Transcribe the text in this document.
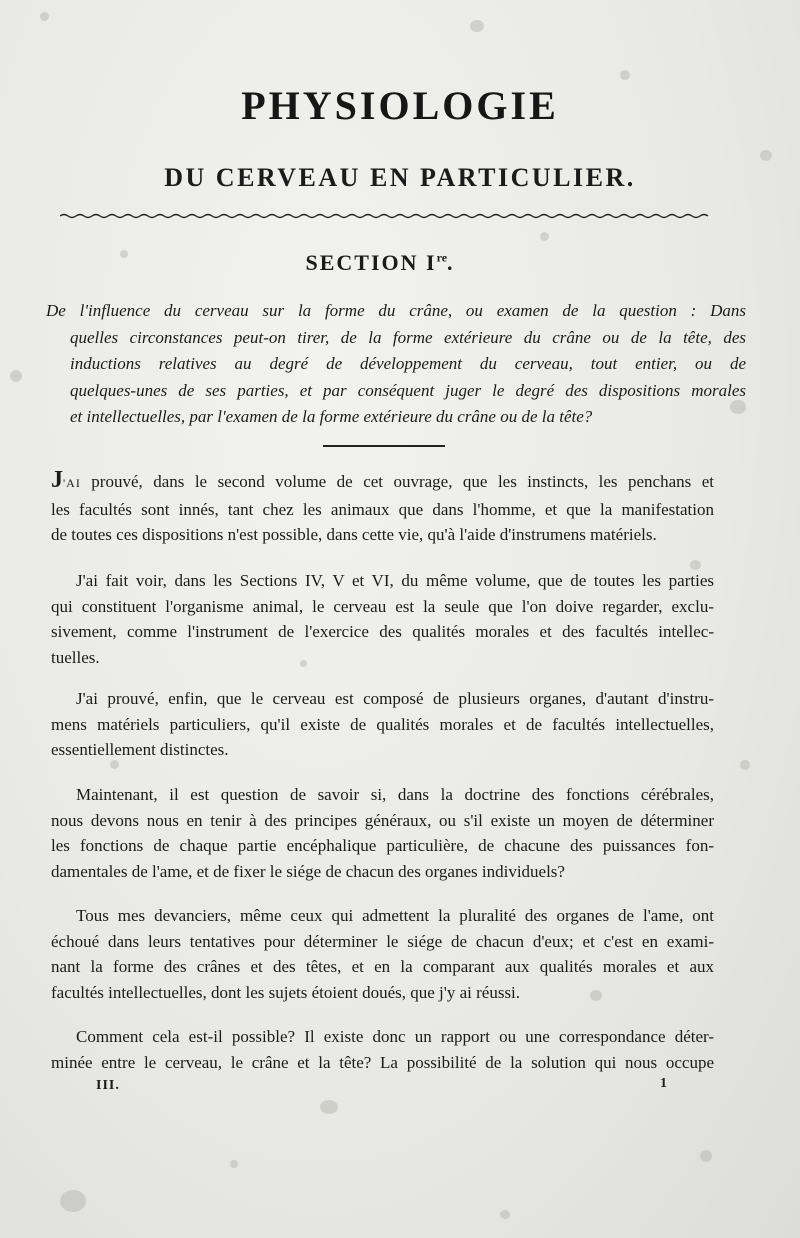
PHYSIOLOGIE
DU CERVEAU EN PARTICULIER.
SECTION Ire.
De l'influence du cerveau sur la forme du crâne, ou examen de la question : Dans
quelles circonstances peut-on tirer, de la forme extérieure du crâne ou de la tête, des
inductions relatives au degré de développement du cerveau, tout entier, ou de
quelques-unes de ses parties, et par conséquent juger le degré des dispositions morales
et intellectuelles, par l'examen de la forme extérieure du crâne ou de la tête?
J'AI prouvé, dans le second volume de cet ouvrage, que les instincts, les penchans et
les facultés sont innés, tant chez les animaux que dans l'homme, et que la manifestation
de toutes ces dispositions n'est possible, dans cette vie, qu'à l'aide d'instrumens matériels.
J'ai fait voir, dans les Sections IV, V et VI, du même volume, que de toutes les parties
qui constituent l'organisme animal, le cerveau est la seule que l'on doive regarder, exclu-
sivement, comme l'instrument de l'exercice des qualités morales et des facultés intellec-
tuelles.
J'ai prouvé, enfin, que le cerveau est composé de plusieurs organes, d'autant d'instru-
mens matériels particuliers, qu'il existe de qualités morales et de facultés intellectuelles,
essentiellement distinctes.
Maintenant, il est question de savoir si, dans la doctrine des fonctions cérébrales,
nous devons nous en tenir à des principes généraux, ou s'il existe un moyen de déterminer
les fonctions de chaque partie encéphalique particulière, de chacune des puissances fon-
damentales de l'ame, et de fixer le siége de chacun des organes individuels?
Tous mes devanciers, même ceux qui admettent la pluralité des organes de l'ame, ont
échoué dans leurs tentatives pour déterminer le siége de chacun d'eux; et c'est en exami-
nant la forme des crânes et des têtes, et en la comparant aux qualités morales et aux
facultés intellectuelles, dont les sujets étoient doués, que j'y ai réussi.
Comment cela est-il possible? Il existe donc un rapport ou une correspondance déter-
minée entre le cerveau, le crâne et la tête? La possibilité de la solution qui nous occupe
III.	1
